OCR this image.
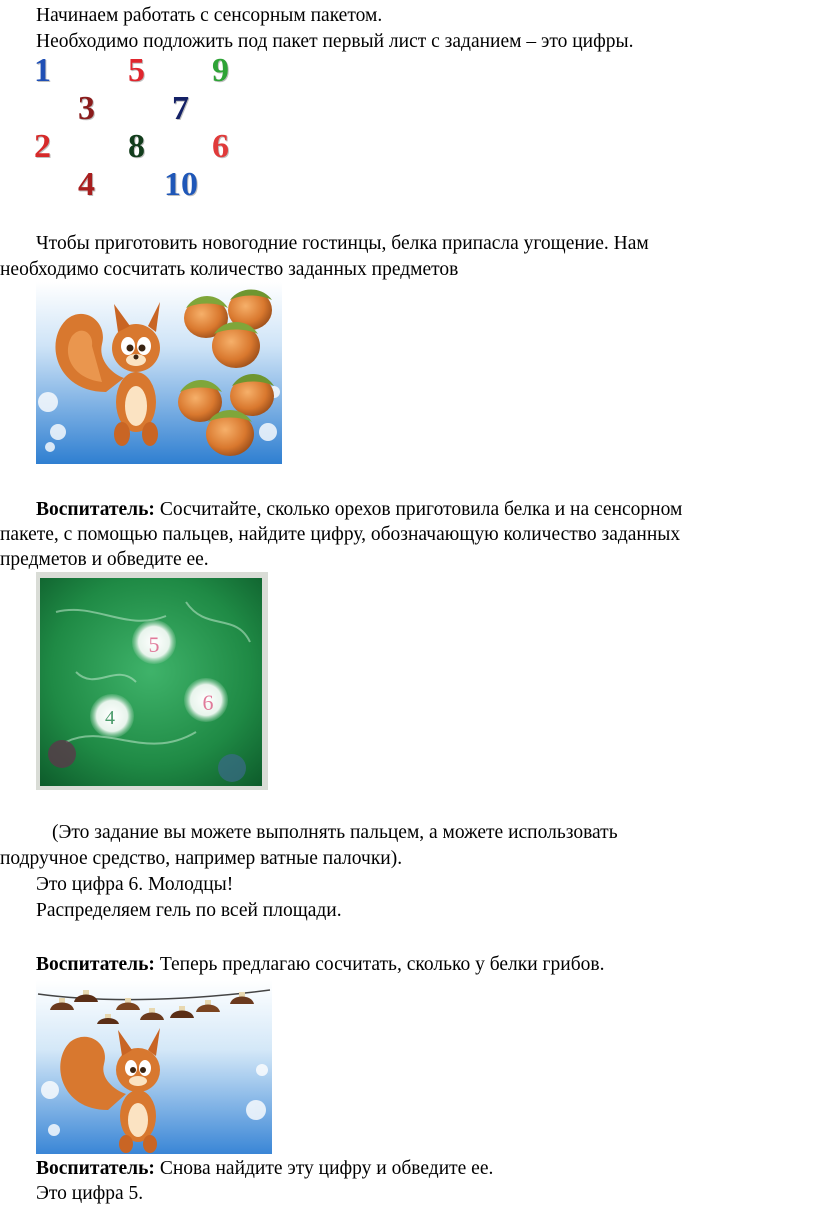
Начинаем работать с сенсорным пакетом.
Необходимо подложить под пакет первый лист с заданием – это цифры.
1 5 9
3 7
2 8 6
4 10
Чтобы приготовить новогодние гостинцы, белка припасла угощение. Нам
необходимо сосчитать количество заданных предметов
Воспитатель: Сосчитайте, сколько орехов приготовила белка и на сенсорном
пакете, с помощью пальцев, найдите цифру, обозначающую количество заданных
предметов и обведите ее.
5
6
4
(Это задание вы можете выполнять пальцем, а можете использовать
подручное средство, например ватные палочки).
Это цифра 6. Молодцы!
Распределяем гель по всей площади.
Воспитатель: Теперь предлагаю сосчитать, сколько у белки грибов.
Воспитатель: Снова найдите эту цифру и обведите ее.
Это цифра 5.
